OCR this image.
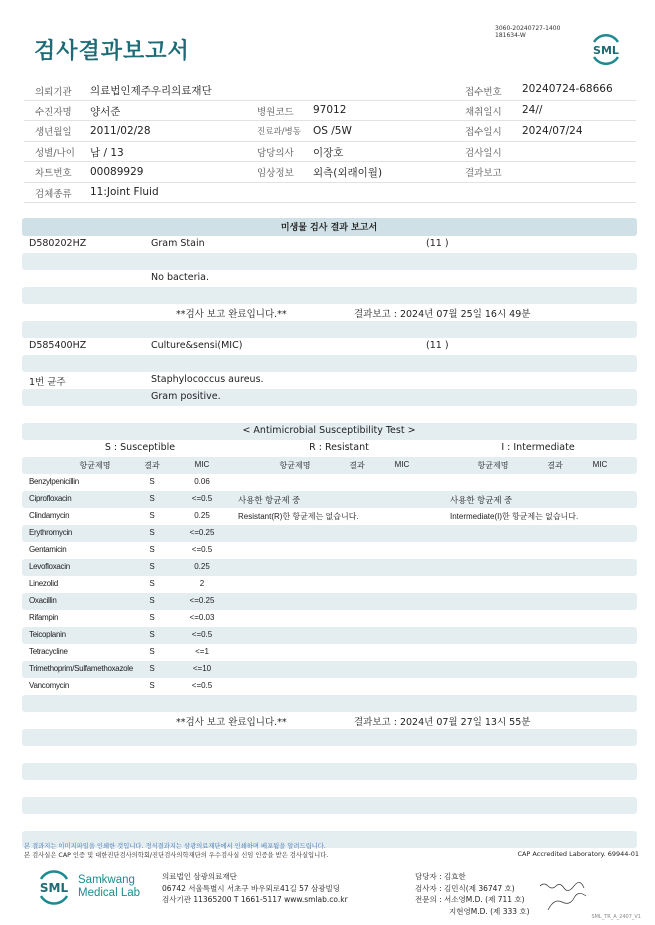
검사결과보고서
3060-20240727-1400
181634-W
SML
의뢰기관 의료법인제주우리의료재단	접수번호 20240724-68666
수진자명 양서준	병원코드 97012	채취일시 24//
생년월일 2011/02/28	진료과/병동 OS /5W	접수일시 2024/07/24
성별/나이 남 / 13	담당의사 이장호	검사일시
차트번호 00089929	임상정보 외측(외래이월)	결과보고
검체종류 11:Joint Fluid
미생물 검사 결과 보고서
D580202HZ	Gram Stain	(11 )
No bacteria.
**검사 보고 완료입니다.**	결과보고 : 2024년 07월 25일 16시 49분
D585400HZ	Culture&sensi(MIC)	(11 )
1번 균주	Staphylococcus aureus.
Gram positive.
< Antimicrobial Susceptibility Test >
S : Susceptible	R : Resistant	I : Intermediate
항균제명	결과	MIC	항균제명	결과	MIC	항균제명	결과	MIC
Benzylpenicillin	S	0.06
Ciprofloxacin	S	<=0.5	사용한 항균제 중	사용한 항균제 중
Clindamycin	S	0.25	Resistant(R)한 항균제는 없습니다.	Intermediate(I)한 항균제는 없습니다.
Erythromycin	S	<=0.25
Gentamicin	S	<=0.5
Levofloxacin	S	0.25
Linezolid	S	2
Oxacillin	S	<=0.25
Rifampin	S	<=0.03
Teicoplanin	S	<=0.5
Tetracycline	S	<=1
Trimethoprim/Sulfamethoxazole S	<=10
Vancomycin	S	<=0.5
**검사 보고 완료입니다.**	결과보고 : 2024년 07월 27일 13시 55분
본 결과지는 이미지파일을 인쇄한 것입니다. 정식결과지는 삼광의료재단에서 인쇄하며 배포됨을 알려드립니다.
본 검사실은 CAP 인증 및 대한진단검사의학회/진단검사의학재단의 우수검사실 신임 인증을 받은 검사실입니다.	CAP Accredited Laboratory. 69944-01
SML
Samkwang
Medical Lab
의료법인 삼광의료재단
06742 서울특별시 서초구 바우뫼로41길 57 삼광빌딩
검사기관 11365200 T 1661-5117 www.smlab.co.kr
담당자 : 김효한
검사자 : 김민식(제 36747 호)
전문의 : 서소영M.D. (제 711 호)
지현영M.D. (제 333 호)
SML_TR_A_2407_V1
